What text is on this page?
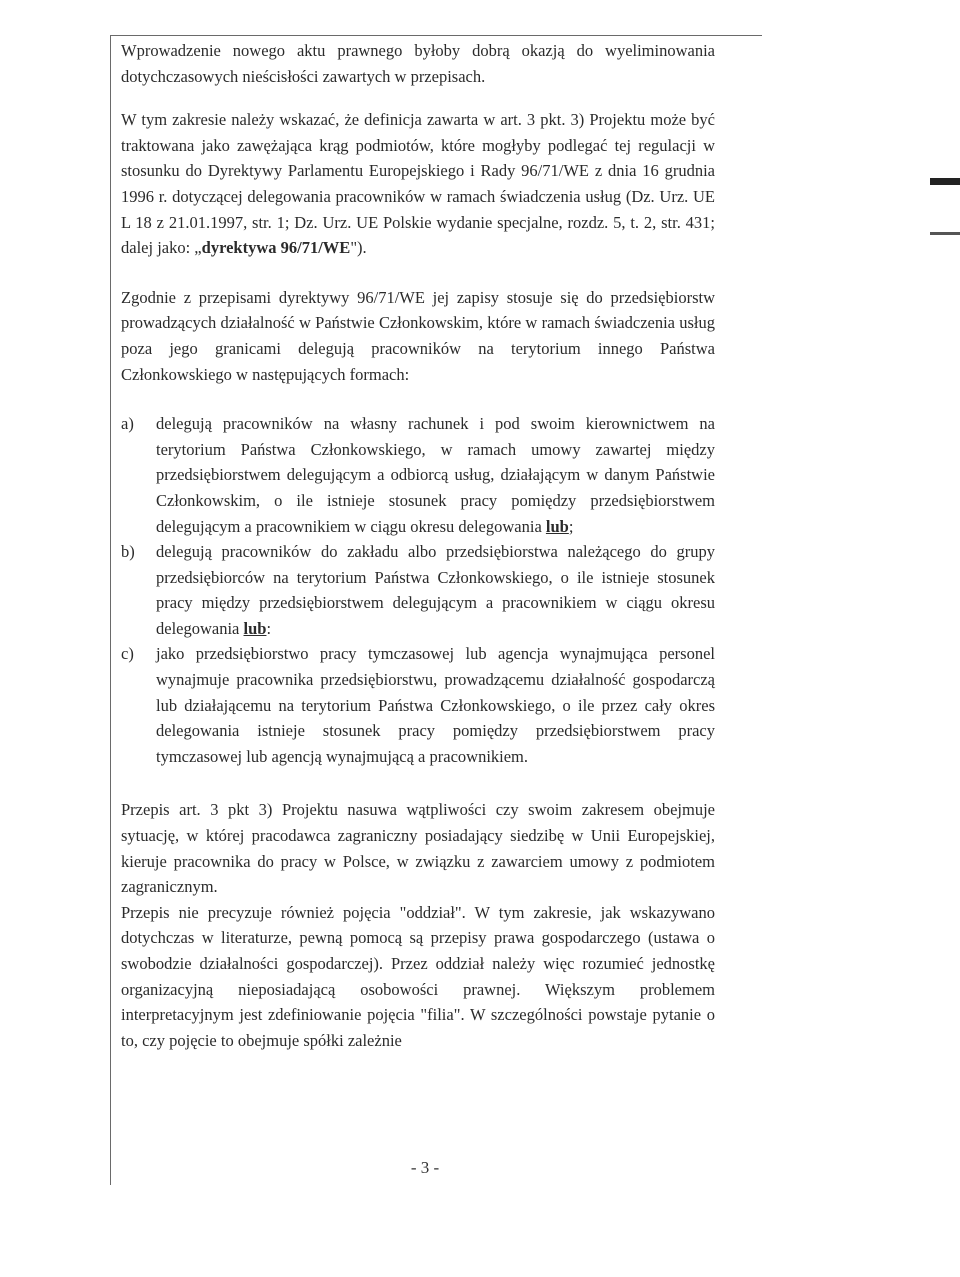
Wprowadzenie nowego aktu prawnego byłoby dobrą okazją do wyeliminowania dotychczasowych nieścisłości zawartych w przepisach.

W tym zakresie należy wskazać, że definicja zawarta w art. 3 pkt. 3) Projektu może być traktowana jako zawężająca krąg podmiotów, które mogłyby podlegać tej regulacji w stosunku do Dyrektywy Parlamentu Europejskiego i Rady 96/71/WE z dnia 16 grudnia 1996 r. dotyczącej delegowania pracowników w ramach świadczenia usług (Dz. Urz. UE L 18 z 21.01.1997, str. 1; Dz. Urz. UE Polskie wydanie specjalne, rozdz. 5, t. 2, str. 431; dalej jako: „dyrektywa 96/71/WE").

Zgodnie z przepisami dyrektywy 96/71/WE jej zapisy stosuje się do przedsiębiorstw prowadzących działalność w Państwie Członkowskim, które w ramach świadczenia usług poza jego granicami delegują pracowników na terytorium innego Państwa Członkowskiego w następujących formach:

a) delegują pracowników na własny rachunek i pod swoim kierownictwem na terytorium Państwa Członkowskiego, w ramach umowy zawartej między przedsiębiorstwem delegującym a odbiorcą usług, działającym w danym Państwie Członkowskim, o ile istnieje stosunek pracy pomiędzy przedsiębiorstwem delegującym a pracownikiem w ciągu okresu delegowania lub;
b) delegują pracowników do zakładu albo przedsiębiorstwa należącego do grupy przedsiębiorców na terytorium Państwa Członkowskiego, o ile istnieje stosunek pracy między przedsiębiorstwem delegującym a pracownikiem w ciągu okresu delegowania lub:
c) jako przedsiębiorstwo pracy tymczasowej lub agencja wynajmująca personel wynajmuje pracownika przedsiębiorstwu, prowadzącemu działalność gospodarczą lub działającemu na terytorium Państwa Członkowskiego, o ile przez cały okres delegowania istnieje stosunek pracy pomiędzy przedsiębiorstwem pracy tymczasowej lub agencją wynajmującą a pracownikiem.

Przepis art. 3 pkt 3) Projektu nasuwa wątpliwości czy swoim zakresem obejmuje sytuację, w której pracodawca zagraniczny posiadający siedzibę w Unii Europejskiej, kieruje pracownika do pracy w Polsce, w związku z zawarciem umowy z podmiotem zagranicznym.

Przepis nie precyzuje również pojęcia "oddział". W tym zakresie, jak wskazywano dotychczas w literaturze, pewną pomocą są przepisy prawa gospodarczego (ustawa o swobodzie działalności gospodarczej). Przez oddział należy więc rozumieć jednostkę organizacyjną nieposiadającą osobowości prawnej. Większym problemem interpretacyjnym jest zdefiniowanie pojęcia "filia". W szczególności powstaje pytanie o to, czy pojęcie to obejmuje spółki zależnie

- 3 -
